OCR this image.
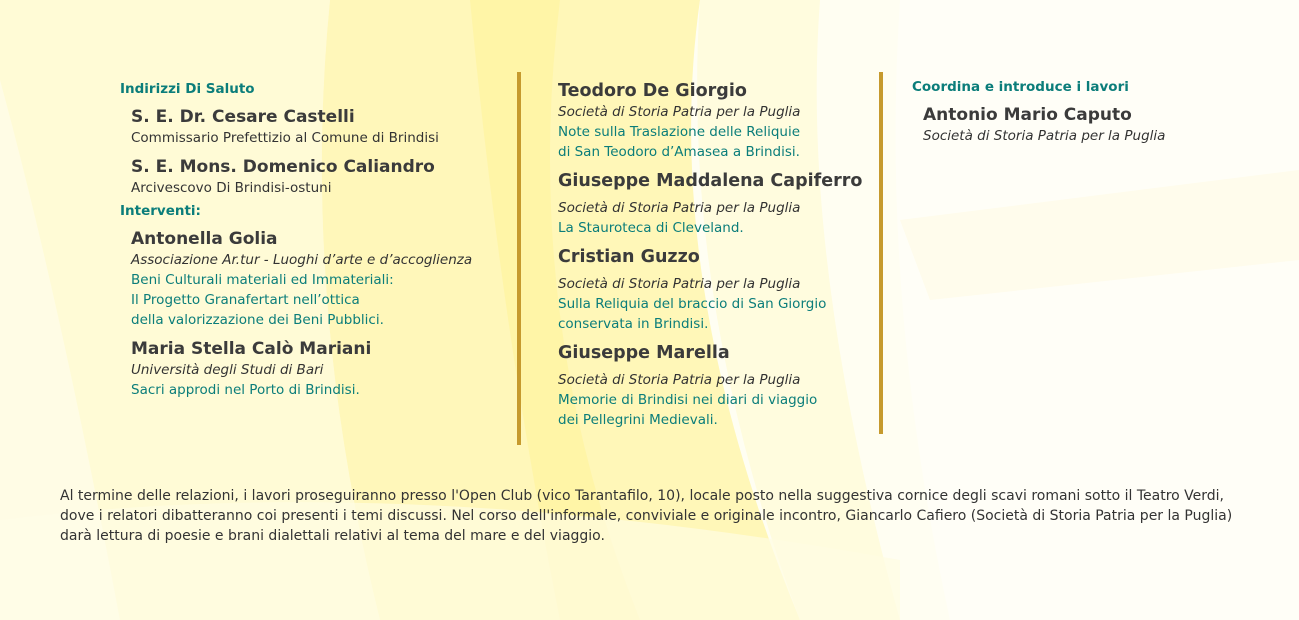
Indirizzi Di Saluto

S. E. Dr. Cesare Castelli
Commissario Prefettizio al Comune di Brindisi
S. E. Mons. Domenico Caliandro
Arcivescovo Di Brindisi-ostuni

Interventi:

Antonella Golia
Associazione Ar.tur - Luoghi d’arte e d’accoglienza
Beni Culturali materiali ed Immateriali:
Il Progetto Granafertart nell’ottica
della valorizzazione dei Beni Pubblici.
Maria Stella Calò Mariani
Università degli Studi di Bari
Sacri approdi nel Porto di Brindisi.
Teodoro De Giorgio
Società di Storia Patria per la Puglia
Note sulla Traslazione delle Reliquie
di San Teodoro d’Amasea a Brindisi.
Giuseppe Maddalena Capiferro
Società di Storia Patria per la Puglia
La Stauroteca di Cleveland.
Cristian Guzzo
Società di Storia Patria per la Puglia
Sulla Reliquia del braccio di San Giorgio
conservata in Brindisi.
Giuseppe Marella
Società di Storia Patria per la Puglia
Memorie di Brindisi nei diari di viaggio
dei Pellegrini Medievali.

Coordina e introduce i lavori

Antonio Mario Caputo
Società di Storia Patria per la Puglia
Al termine delle relazioni, i lavori proseguiranno presso l'Open Club (vico Tarantafilo, 10), locale posto nella suggestiva cornice degli scavi romani sotto il Teatro Verdi, dove i relatori dibatteranno coi presenti i temi discussi. Nel corso dell'informale, conviviale e originale incontro, Giancarlo Cafiero (Società di Storia Patria per la Puglia) darà lettura di poesie e brani dialettali relativi al tema del mare e del viaggio.
